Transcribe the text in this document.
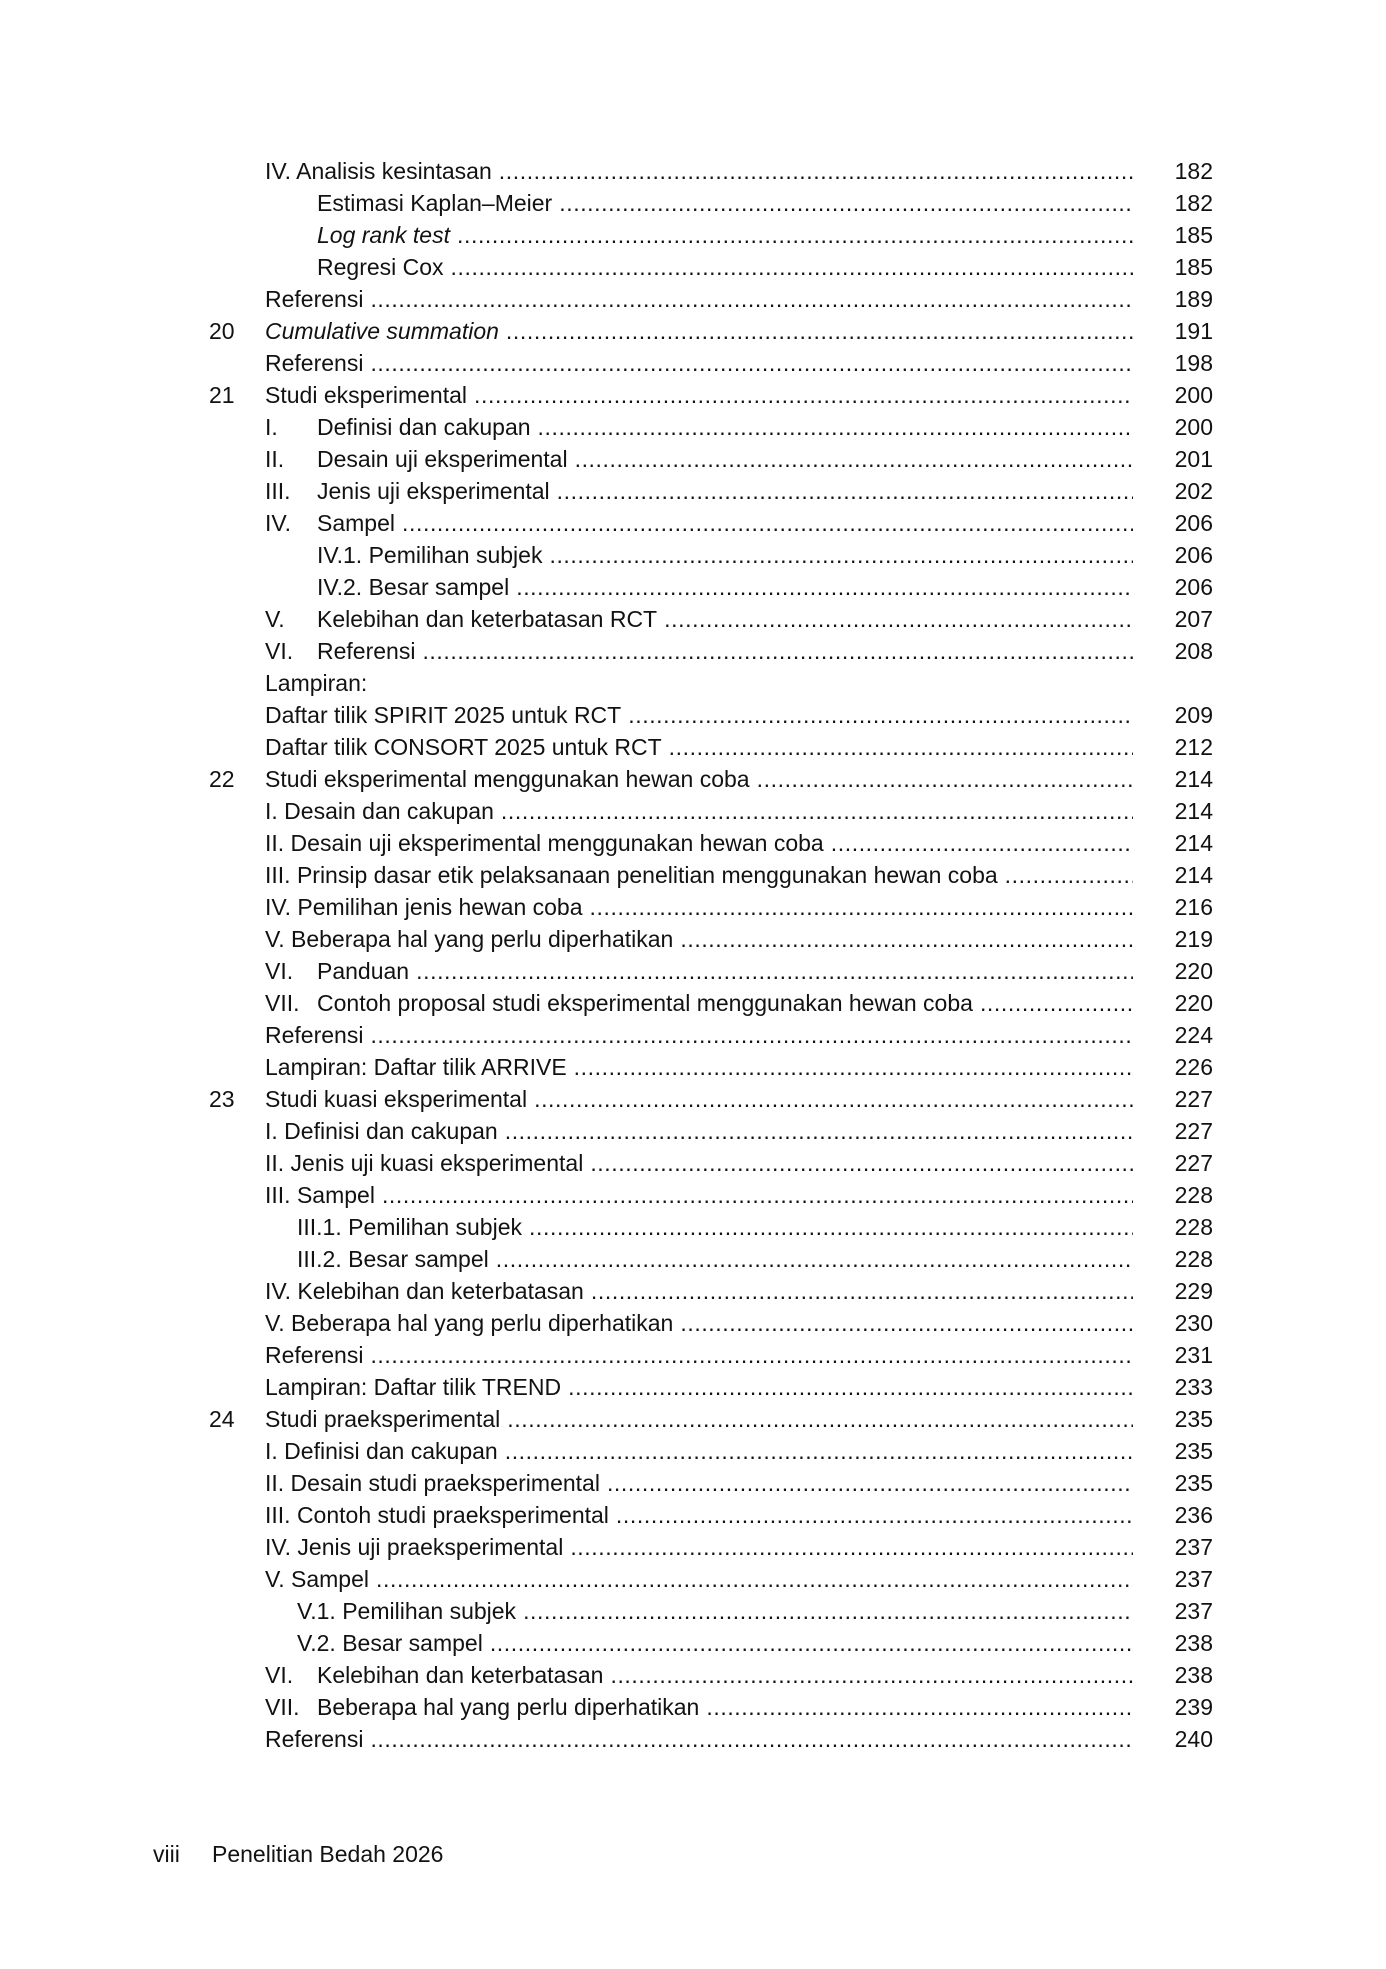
IV. Analisis kesintasan .....	182
Estimasi Kaplan–Meier .....	182
Log rank test .....	185
Regresi Cox .....	185
Referensi .....	189
20 Cumulative summation .....	191
Referensi .....	198
21 Studi eksperimental .....	200
I.	Definisi dan cakupan .....	200
II.	Desain uji eksperimental .....	201
III.	Jenis uji eksperimental .....	202
IV.	Sampel .....	206
IV.1. Pemilihan subjek .....	206
IV.2. Besar sampel .....	206
V.	Kelebihan dan keterbatasan RCT .....	207
VI.	Referensi .....	208
Lampiran:
Daftar tilik SPIRIT 2025 untuk RCT .....	209
Daftar tilik CONSORT 2025 untuk RCT .....	212
22 Studi eksperimental menggunakan hewan coba .....	214
I. Desain dan cakupan .....	214
II. Desain uji eksperimental menggunakan hewan coba .....	214
III. Prinsip dasar etik pelaksanaan penelitian menggunakan hewan coba .....	214
IV. Pemilihan jenis hewan coba .....	216
V. Beberapa hal yang perlu diperhatikan .....	219
VI.	Panduan .....	220
VII. Contoh proposal studi eksperimental menggunakan hewan coba .....	220
Referensi .....	224
Lampiran: Daftar tilik ARRIVE .....	226
23 Studi kuasi eksperimental .....	227
I. Definisi dan cakupan .....	227
II. Jenis uji kuasi eksperimental .....	227
III. Sampel .....	228
III.1. Pemilihan subjek .....	228
III.2. Besar sampel .....	228
IV. Kelebihan dan keterbatasan .....	229
V. Beberapa hal yang perlu diperhatikan .....	230
Referensi .....	231
Lampiran: Daftar tilik TREND .....	233
24 Studi praeksperimental .....	235
I. Definisi dan cakupan .....	235
II. Desain studi praeksperimental .....	235
III. Contoh studi praeksperimental .....	236
IV. Jenis uji praeksperimental .....	237
V. Sampel .....	237
V.1. Pemilihan subjek .....	237
V.2. Besar sampel .....	238
VI.	Kelebihan dan keterbatasan .....	238
VII. Beberapa hal yang perlu diperhatikan .....	239
Referensi .....	240
viii Penelitian Bedah 2026
